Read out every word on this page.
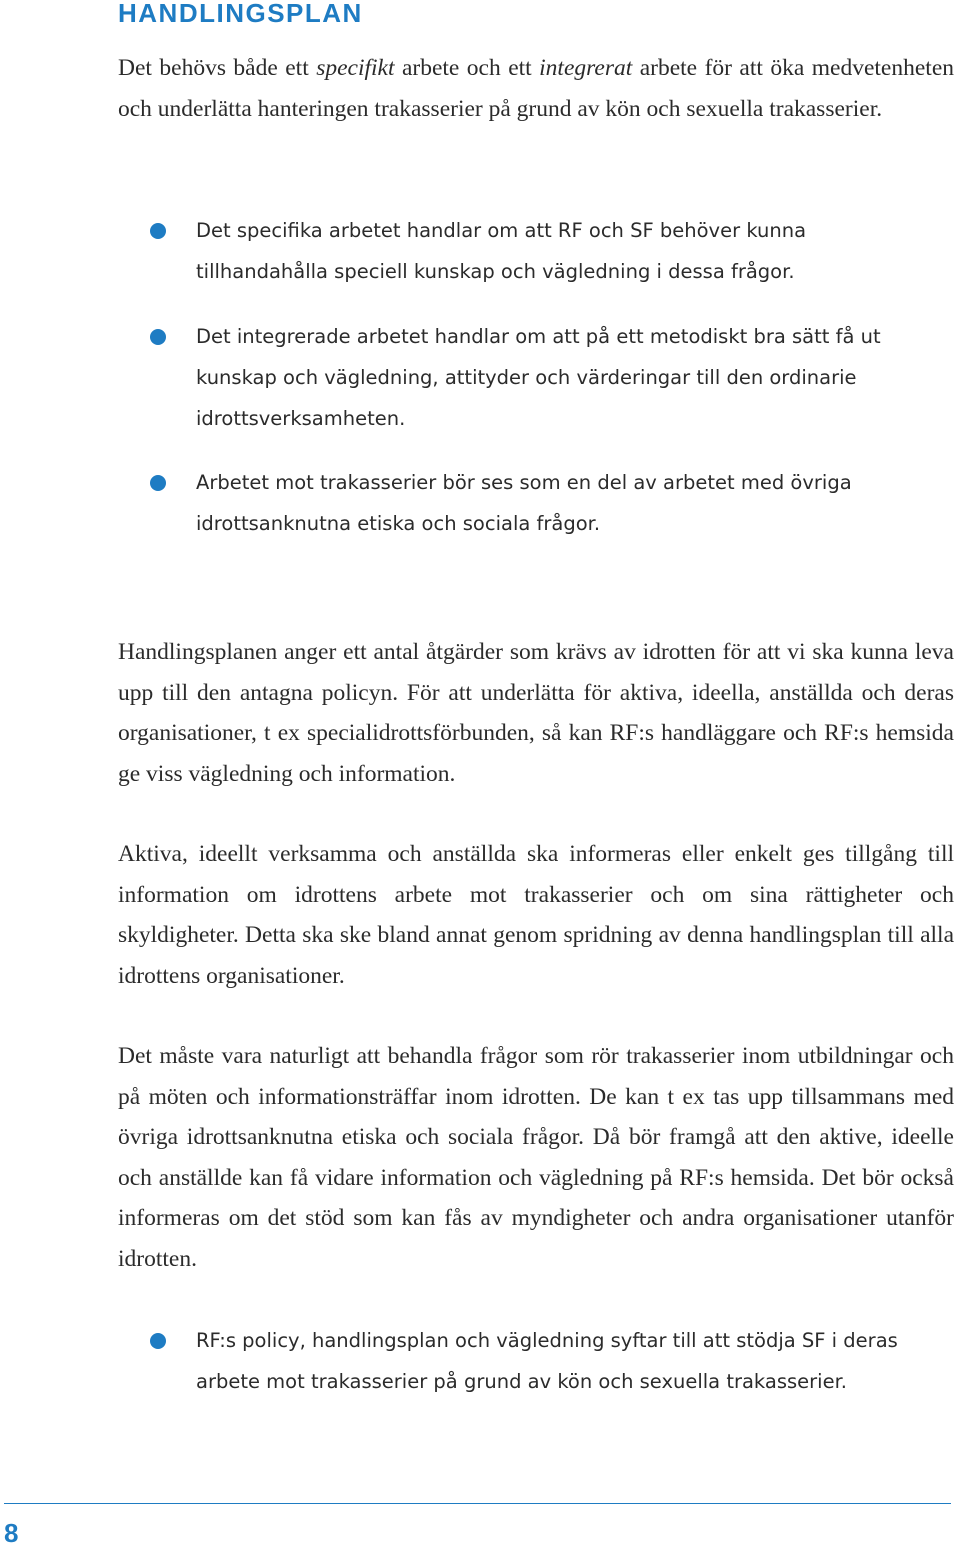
HANDLINGSPLAN

Det behövs både ett specifikt arbete och ett integrerat arbete för att öka medvetenheten och underlätta hanteringen trakasserier på grund av kön och sexuella trakasserier.

Det specifika arbetet handlar om att RF och SF behöver kunna tillhandahålla speciell kunskap och vägledning i dessa frågor.
Det integrerade arbetet handlar om att på ett metodiskt bra sätt få ut kunskap och vägledning, attityder och värderingar till den ordinarie idrottsverksamheten.
Arbetet mot trakasserier bör ses som en del av arbetet med övriga idrottsanknutna etiska och sociala frågor.

Handlingsplanen anger ett antal åtgärder som krävs av idrotten för att vi ska kunna leva upp till den antagna policyn. För att underlätta för aktiva, ideella, anställda och deras organisationer, t ex specialidrottsförbunden, så kan RF:s handläggare och RF:s hemsida ge viss vägledning och information.

Aktiva, ideellt verksamma och anställda ska informeras eller enkelt ges tillgång till information om idrottens arbete mot trakasserier och om sina rättigheter och skyldigheter. Detta ska ske bland annat genom spridning av denna handlingsplan till alla idrottens organisationer.

Det måste vara naturligt att behandla frågor som rör trakasserier inom utbildningar och på möten och informationsträffar inom idrotten. De kan t ex tas upp tillsammans med övriga idrottsanknutna etiska och sociala frågor. Då bör framgå att den aktive, ideelle och anställde kan få vidare information och vägledning på RF:s hemsida. Det bör också informeras om det stöd som kan fås av myndigheter och andra organisationer utanför idrotten.

RF:s policy, handlingsplan och vägledning syftar till att stödja SF i deras arbete mot trakasserier på grund av kön och sexuella trakasserier.

8
